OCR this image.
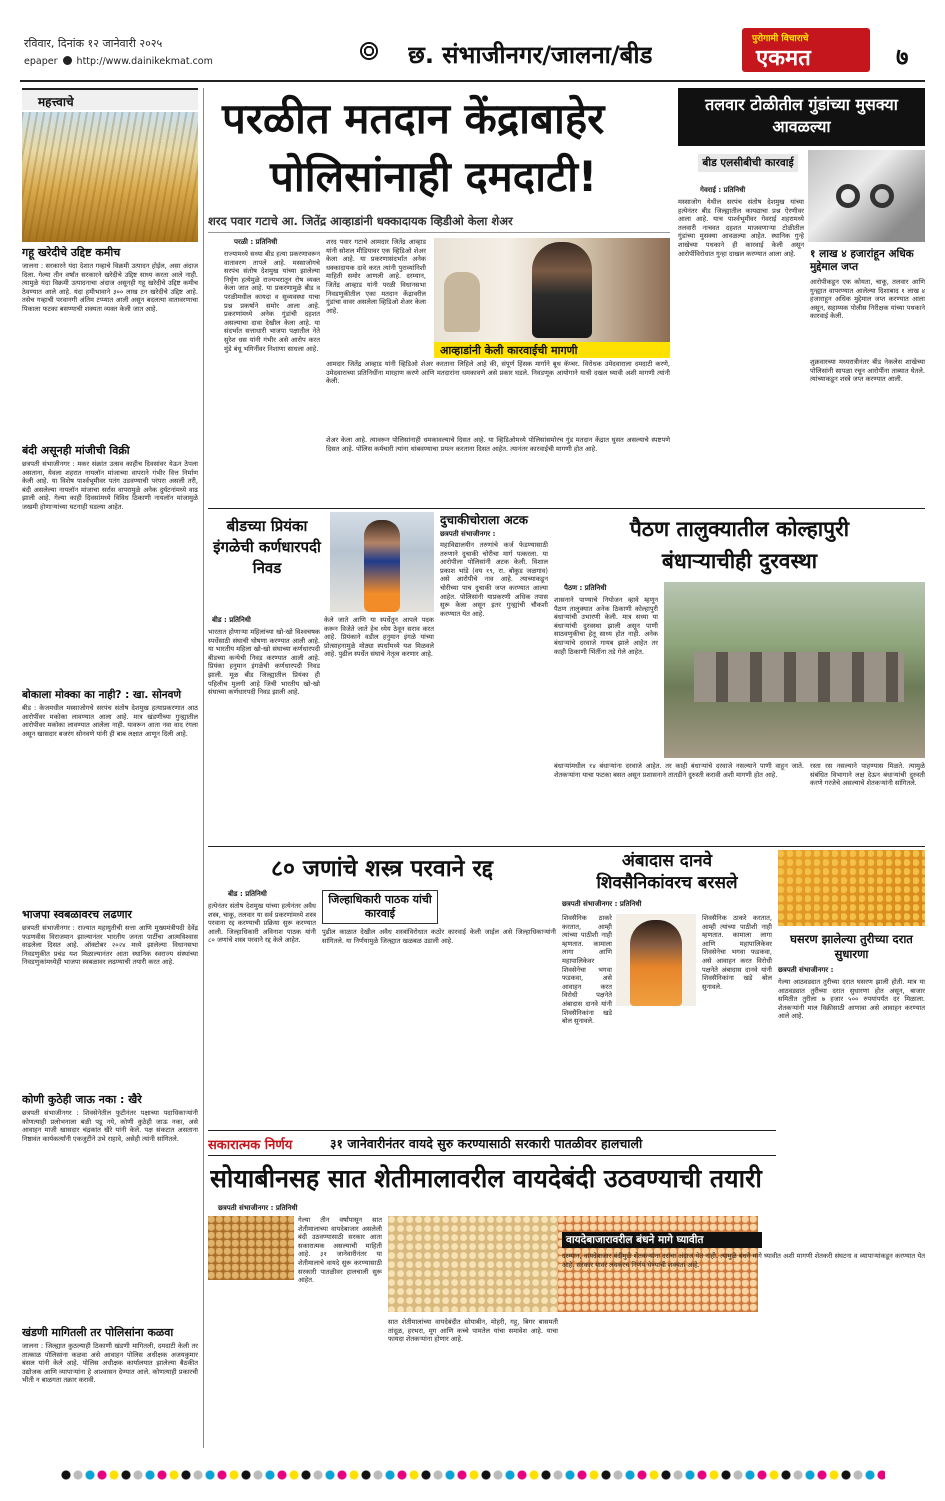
रविवार, दिनांक १२ जानेवारी २०२५
epaper http://www.dainikekmat.com	छ. संभाजीनगर/जालना/बीड
पुरोगामी विचाराचे
एकमत	७
महत्त्वाचे
गहू खरेदीचे उद्दिष्ट कमीच
जालना : सरकारने यंदा देशात गव्हाचे विक्रमी उत्पादन होईल, असा अंदाज दिला. गेल्या तीन वर्षांत सरकारने खरेदीचे उद्दिष्ट साध्य करता आले नाही. त्यामुळे यंदा विक्रमी उत्पादनाचा अंदाज असूनही गहू खरेदीचे उद्दिष्ट कमीच ठेवण्यात आले आहे. यंदा हमीभावाने ३०० लाख टन खरेदीचे उद्दिष्ट आहे. तसेच गव्हाची परवानगी अंतिम टप्प्यात आली असून बदलत्या वातावरणाचा पिकाला फटका बसण्याची शक्यता व्यक्त केली जात आहे.
बंदी असूनही मांजीची विक्री
छत्रपती संभाजीनगर : मकर संक्रांत उत्सव काहीच दिवसांवर येऊन ठेपला असताना, येवला शहरात नायलॉन मांजाच्या वापराने गंभीर वित्त निर्माण केली आहे. या विशेष पार्श्वभूमीवर पतंग उडवण्याची परंपरा असली तरी, बंदी असलेल्या नायलॉन मांजाचा सर्रास वापरामुळे अनेक दुर्घटनांमध्ये वाढ झाली आहे. गेल्या काही दिवसांमध्ये विविध ठिकाणी नायलॉन मांजामुळे जखमी होणाऱ्यांच्या घटनाही घडल्या आहेत.
बोकाला मोक्का का नाही? : खा. सोनवणे
बीड : केजमधील मस्साजोगचे सरपंच संतोष देशमुख हत्याप्रकरणात आठ आरोपींवर मकोका लावण्यात आला आहे. मात्र खंडणीच्या गुन्ह्यातील आरोपीवर मकोका लावण्यात आलेला नाही. यावरून आता नवा वाद रंगला असून खासदार बजरंग सोनवणे यांनी ही बाब लक्षात आणून दिली आहे.
भाजपा स्वबळावरच लढणार
छत्रपती संभाजीनगर : राज्यात महायुतीची सत्ता आणि मुख्यमंत्रीपदी देवेंद्र फडणवीस विराजमान झाल्यानंतर भारतीय जनता पार्टीचा आत्मविश्वास वाढलेला दिसत आहे. ऑक्टोबर २०२४ मध्ये झालेल्या विधानसभा निवडणुकीत प्रचंड यश मिळाल्यानंतर आता स्थानिक स्वराज्य संस्थांच्या निवडणुकांमध्येही भाजपा स्वबळावर लढण्याची तयारी करत आहे.
कोणी कुठेही जाऊ नका : खैरे
छत्रपती संभाजीनगर : शिवसेनेतील फुटीनंतर पक्षाच्या पदाधिकाऱ्यांनी कोणत्याही प्रलोभनाला बळी पडू नये, कोणी कुठेही जाऊ नका, असे आवाहन माजी खासदार चंद्रकांत खैरे यांनी केले. पक्ष संकटात असताना निष्ठावंत कार्यकर्त्यांनी एकजुटीने उभे राहावे, असेही त्यांनी सांगितले.
खंडणी मागितली तर पोलिसांना कळवा
जालना : जिल्ह्यात कुठल्याही ठिकाणी खंडणी मागितली, दमदाटी केली तर तात्काळ पोलिसांना कळवा असे आवाहन पोलिस अधीक्षक अजयकुमार बंसल यांनी केले आहे. पोलिस अधीक्षक कार्यालयात झालेल्या बैठकीत उद्योजक आणि व्यापाऱ्यांना हे आश्वासन देण्यात आले. कोणत्याही प्रकारची भीती न बाळगता तक्रार करावी.
परळीत मतदान केंद्राबाहेर
पोलिसांनाही दमदाटी!
शरद पवार गटाचे आ. जितेंद्र आव्हाडांनी धक्कादायक व्हिडीओ केला शेअर
परळी : प्रतिनिधी
राज्यामध्ये सध्या बीड हत्या प्रकरणावरून वातावरण तापले आहे. मस्साजोगचे सरपंच संतोष देशमुख यांच्या झालेल्या निर्घृण हत्येमुळे राज्यभरातून रोष व्यक्त केला जात आहे. या प्रकरणामुळे बीड व परळीमधील कायदा व सुव्यवस्था याचा प्रश्न प्रकर्षाने समोर आला आहे. प्रकरणांमध्ये अनेक गुंडांची दहशत असल्याचा दावा देखील केला आहे. या संदर्भात सत्ताधारी भाजपा पक्षातील नेते सुरेश धस यांनी गंभीर असे आरोप करत मुंडे बंधू भगिनींवर निशाणा साधला आहे.
शरद पवार गटाचे आमदार जितेंद्र आव्हाड यांनी सोशल मीडियावर एक व्हिडिओ शेअर केला आहे. या प्रकरणासंदर्भात अनेक धक्कादायक दावे करत त्यांनी पुराव्यांनिशी माहिती समोर आणली आहे. दरम्यान, जितेंद्र आव्हाड यांनी परळी विधानसभा निवडणुकीतील एका मतदान केंद्रावरील गुंडांचा वावर असलेला व्हिडिओ शेअर केला आहे.
आव्हाडांनी केली कारवाईची मागणी
आमदार जितेंद्र आव्हाड यांनी व्हिडिओ शेअर करताना लिहिले आहे की, संपूर्ण हिंसक मार्गाने बूथ कॅप्चर. विरोधक उमेदवाराला दमदाटी करणे, उमेदवाराच्या प्रतिनिधींना मारहाण करणे आणि मतदारांना धमकावणे असे प्रकार घडले. निवडणूक आयोगाने याची दखल घ्यावी अशी मागणी त्यांनी केली.
शेअर केला आहे. त्यावरून पोलिसांनाही धमकावल्याचे दिसत आहे. या व्हिडिओमध्ये पोलिसांसमोरच गुंड मतदान केंद्रात घुसत असल्याचे स्पष्टपणे दिसत आहे. पोलिस कर्मचारी त्यांना थांबवण्याचा प्रयत्न करताना दिसत आहेत. त्यानंतर कारवाईची मागणी होत आहे.
तलवार टोळीतील गुंडांच्या मुसक्या आवळल्या
बीड एलसीबीची कारवाई
गेवराई : प्रतिनिधी
मस्साजोग येथील सरपंच संतोष देशमुख यांच्या हत्येनंतर बीड जिल्ह्यातील कायद्याचा प्रश्न ऐरणीवर आला आहे. याच पार्श्वभूमीवर गेवराई शहरामध्ये तलवारी नाचवत दहशत माजवणाऱ्या टोळीतील गुंडांच्या मुसक्या आवळल्या आहेत. स्थानिक गुन्हे शाखेच्या पथकाने ही कारवाई केली असून आरोपींविरोधात गुन्हा दाखल करण्यात आला आहे.	१ लाख ४ हजारांहून अधिक मुद्देमाल जप्त
आरोपीकडून एक कोयता, चाकू, तलवार आणि गुन्ह्यात वापरण्यात आलेल्या दिशाबाद १ लाख ४ हजाराहून अधिक मुद्देमाल जप्त करण्यात आला असून, सहाय्यक पोलीस निरीक्षक यांच्या पथकाने कारवाई केली.
शुक्रवारच्या मध्यरात्रीनंतर बीड नेकलेस शाखेच्या पोलिसांनी सापळा रचून आरोपींना ताब्यात घेतले. त्यांच्याकडून शस्त्रे जप्त करण्यात आली.
बीडच्या प्रियंका इंगळेची कर्णधारपदी निवड
बीड : प्रतिनिधी
भारतात होणाऱ्या महिलांच्या खो-खो विश्वचषक स्पर्धेसाठी संघाची घोषणा करण्यात आली आहे. या भारतीय महिला खो-खो संघाच्या कर्णधारपदी बीडच्या कन्येची निवड करण्यात आली आहे. प्रियंका हनुमान इंगळेची कर्णधारपदी निवड झाली. मूळ बीड जिल्ह्यातील प्रियंका ही पहिलीच मुलगी आहे जिची भारतीय खो-खो संघाच्या कर्णधारपदी निवड झाली आहे.
केले जाते आणि या स्पर्धेतून आपले पदक करून विजेते जाते हेच ध्येय ठेवून सराव करत आहे. प्रियंकाने वडील हनुमान इंगळे यांच्या प्रोत्साहनामुळे मोठ्या स्पर्धांमध्ये यश मिळवले आहे. पुढील स्पर्धेत संघाचे नेतृत्व करणार आहे.
दुचाकीचोराला अटक
छत्रपती संभाजीनगर :
महाविद्यालयीन तरुणांचे कर्ज फेडण्यासाठी तरुणाने दुचाकी चोरीचा मार्ग पत्करला. या आरोपीला पोलिसांनी अटक केली. विशाल प्रकाश भांडे (वय १९, रा. बोकुड जळगाव) असे आरोपीचे नाव आहे. त्याच्याकडून चोरीच्या पाच दुचाकी जप्त करण्यात आल्या आहेत. पोलिसांनी याप्रकरणी अधिक तपास सुरू केला असून इतर गुन्ह्यांची चौकशी करण्यात येत आहे.
पैठण तालुक्यातील कोल्हापुरी
बंधाऱ्याचीही दुरवस्था
पैठण : प्रतिनिधी
शासनाने पाण्याचे नियोजन व्हावे म्हणून पैठण तालुक्यात अनेक ठिकाणी कोल्हापुरी बंधाऱ्यांची उभारणी केली. मात्र सध्या या बंधाऱ्यांची दुरवस्था झाली असून पाणी साठवणुकीचा हेतू साध्य होत नाही. अनेक बंधाऱ्यांचे दरवाजे गायब झाले आहेत तर काही ठिकाणी भिंतींना तडे गेले आहेत.
बंधाऱ्यांमधील १४ बंधाऱ्यांना दरवाजे आहेत. तर काही बंधाऱ्यांचे दरवाजे नसल्याने पाणी वाहून जाते. शेतकऱ्यांना याचा फटका बसत असून प्रशासनाने तातडीने दुरुस्ती करावी अशी मागणी होत आहे.
रस्ता रस नसल्याने पाहण्यास मिळते. त्यामुळे संबंधित विभागाने लक्ष देऊन बंधाऱ्यांची दुरुस्ती करणे गरजेचे असल्याचे शेतकऱ्यांनी सांगितले.
८० जणांचे शस्त्र परवाने रद्द
बीड : प्रतिनिधी
हत्येनंतर संतोष देशमुख यांच्या हत्येनंतर अवैध शस्त्र, चाकू, तलवार या सर्व प्रकरणांमध्ये शस्त्र परवाना रद्द करण्याची प्रक्रिया सुरू करण्यात आली. जिल्हाधिकारी अविनाश पाठक यांनी ८० जणांचे शस्त्र परवाने रद्द केले आहेत.
जिल्हाधिकारी पाठक यांची कारवाई
पुढील काळात देखील अवैध शस्त्रांविरोधात कठोर कारवाई केली जाईल असे जिल्हाधिकाऱ्यांनी सांगितले. या निर्णयामुळे जिल्ह्यात खळबळ उडाली आहे.
अंबादास दानवे
शिवसैनिकांवरच बरसले
छत्रपती संभाजीनगर : प्रतिनिधी
शिवसैनिक ठाकरे करतात, आम्ही त्यांच्या पाठीशी नाही म्हणतात. कामाला लागा आणि महापालिकेवर शिवसेनेचा भगवा फडकवा, असे आवाहन करत विरोधी पक्षनेते अंबादास दानवे यांनी शिवसैनिकांना खडे बोल सुनावले.
शिवसैनिक ठाकरे करतात, आम्ही त्यांच्या पाठीशी नाही म्हणतात. कामाला लागा आणि महापालिकेवर शिवसेनेचा भगवा फडकवा, असे आवाहन करत विरोधी पक्षनेते अंबादास दानवे यांनी शिवसैनिकांना खडे बोल सुनावले.
घसरण झालेल्या तुरीच्या दरात सुधारणा
छत्रपती संभाजीनगर :
गेल्या आठवड्यात तुरीच्या दरात घसरण झाली होती. मात्र या आठवड्यात तुरीच्या दरात सुधारणा होत असून, बाजार समितीत तुरीला ७ हजार ५०० रुपयांपर्यंत दर मिळाला. शेतकऱ्यांनी माल विक्रीसाठी आणावा असे आवाहन करण्यात आले आहे.
सकारात्मक निर्णय	३१ जानेवारीनंतर वायदे सुरु करण्यासाठी सरकारी पातळीवर हालचाली
सोयाबीनसह सात शेतीमालावरील वायदेबंदी उठवण्याची तयारी
छत्रपती संभाजीनगर : प्रतिनिधी
गेल्या तीन वर्षांपासून सात शेतीमालाच्या वायदेबाजार असलेली बंदी उठवण्यासाठी सरकार आता सकारात्मक असल्याची माहिती आहे. ३१ जानेवारीनंतर या शेतीमालाचे वायदे सुरू करण्यासाठी सरकारी पातळीवर हालचाली सुरू आहेत.
सात शेतीमालांच्या वायदेबंदीत सोयाबीन, मोहरी, गहू, बिगर बासमती तांदूळ, हरभरा, मूग आणि कच्चे पामतेल यांचा समावेश आहे. याचा फायदा शेतकऱ्यांना होणार आहे.
वायदेबाजारावरील बंधने मागे घ्यावीत
दरम्यान, वायदेबाजार बंदीमुळे शेतकऱ्यांना दरांचा अंदाज येत नाही. त्यामुळे बंधने मागे घ्यावीत अशी मागणी शेतकरी संघटना व व्यापाऱ्यांकडून करण्यात येत आहे. सरकार यावर लवकरच निर्णय घेण्याची शक्यता आहे.
